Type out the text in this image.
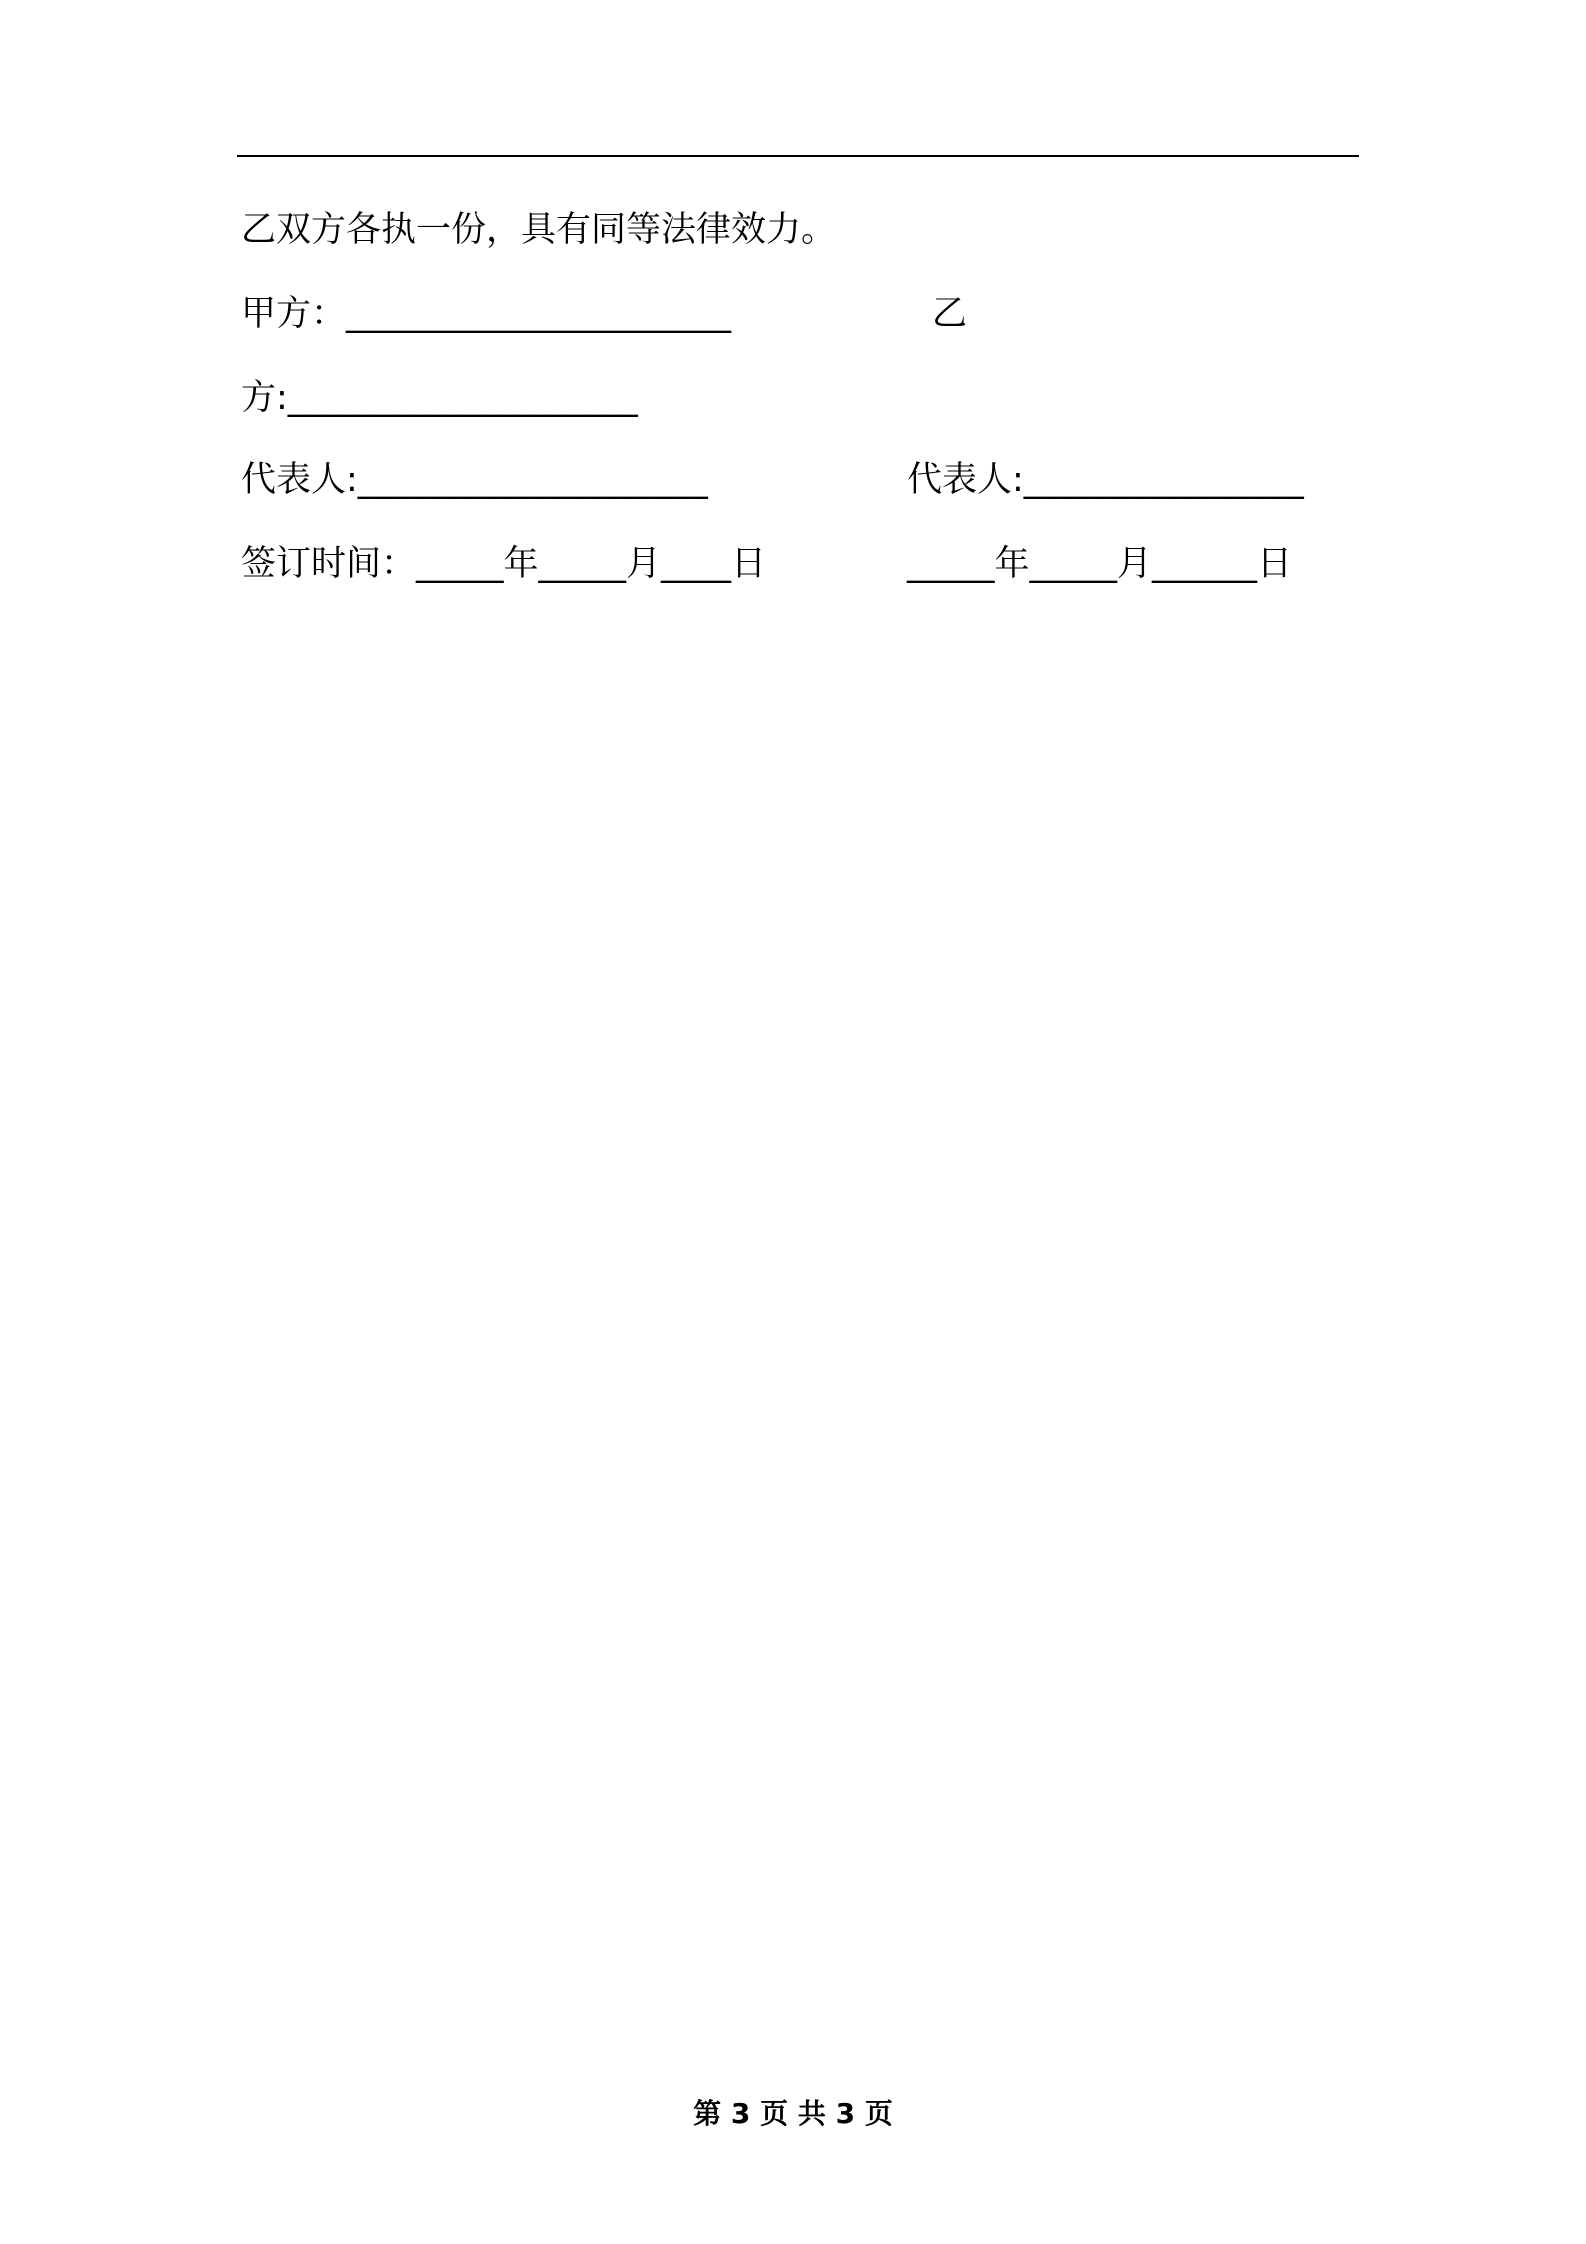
乙双方各执一份，具有同等法律效力。

甲方：______________________	乙

方:____________________

代表人:____________________	代表人:________________

签订时间：_____年_____月____日	_____年_____月______日

第 3 页 共 3 页
